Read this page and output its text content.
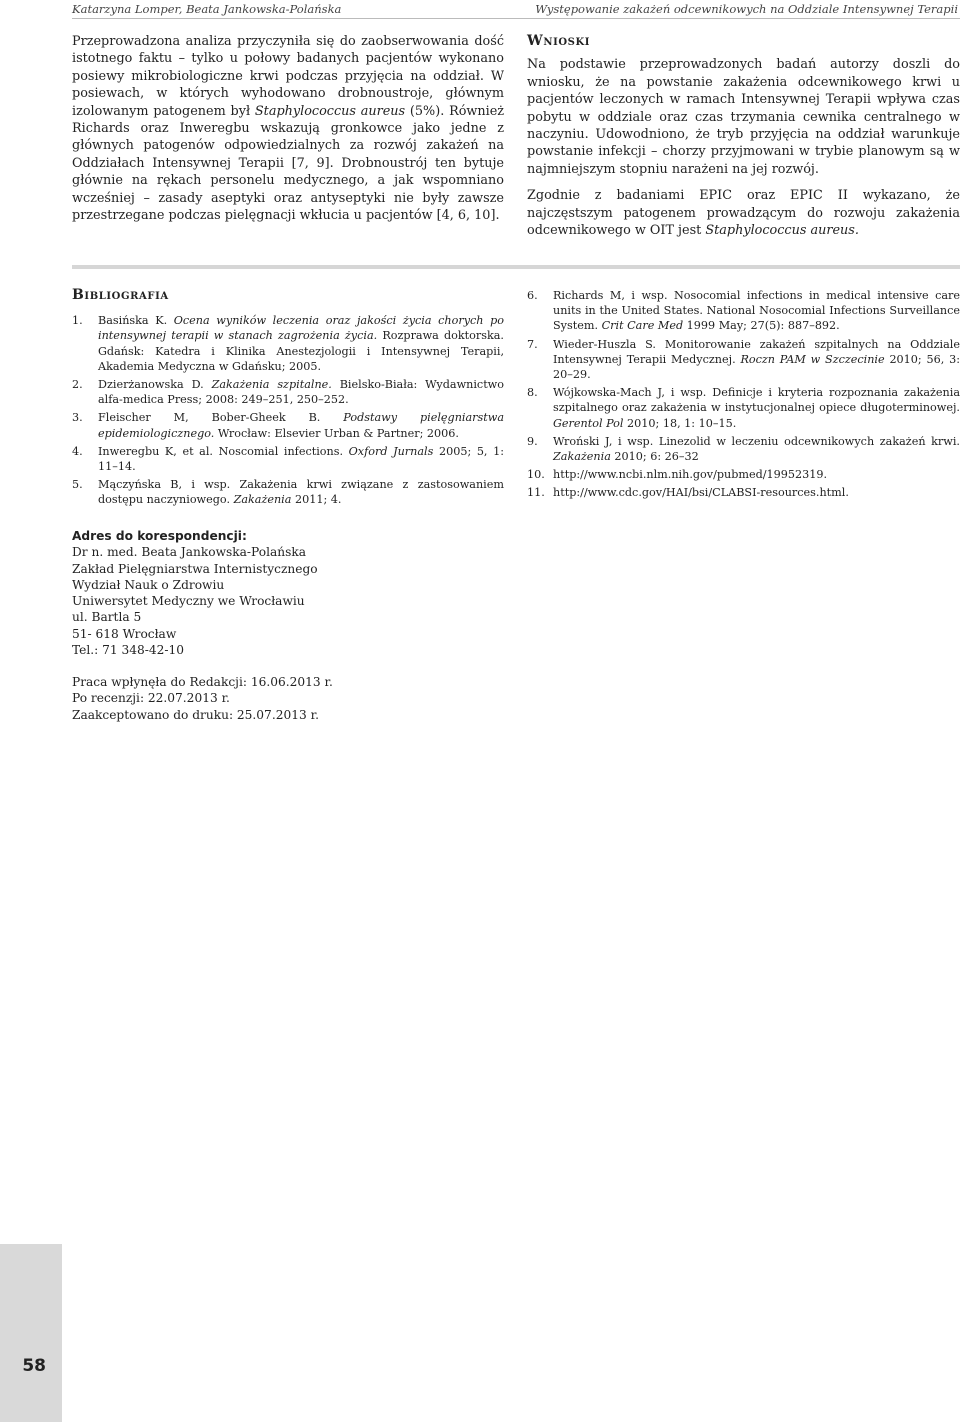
Katarzyna Lomper, Beata Jankowska-Polańska	Występowanie zakażeń odcewnikowych na Oddziale Intensywnej Terapii

Przeprowadzona analiza przyczyniła się do zaobserwowania dość istotnego faktu – tylko u połowy badanych pacjentów wykonano posiewy mikrobiologiczne krwi podczas przyjęcia na oddział. W posiewach, w których wyhodowano drobnoustroje, głównym izolowanym patogenem był Staphylococcus aureus (5%). Również Richards oraz Inweregbu wskazują gronkowce jako jedne z głównych patogenów odpowiedzialnych za rozwój zakażeń na Oddziałach Intensywnej Terapii [7, 9]. Drobnoustrój ten bytuje głównie na rękach personelu medycznego, a jak wspomniano wcześniej – zasady aseptyki oraz antyseptyki nie były zawsze przestrzegane podczas pielęgnacji wkłucia u pacjentów [4, 6, 10].

Wnioski

Na podstawie przeprowadzonych badań autorzy doszli do wniosku, że na powstanie zakażenia odcewnikowego krwi u pacjentów leczonych w ramach Intensywnej Terapii wpływa czas pobytu w oddziale oraz czas trzymania cewnika centralnego w naczyniu. Udowodniono, że tryb przyjęcia na oddział warunkuje powstanie infekcji – chorzy przyjmowani w trybie planowym są w najmniejszym stopniu narażeni na jej rozwój.

Zgodnie z badaniami EPIC oraz EPIC II wykazano, że najczęstszym patogenem prowadzącym do rozwoju zakażenia odcewnikowego w OIT jest Staphylococcus aureus.

Bibliografia
1.	Basińska K. Ocena wyników leczenia oraz jakości życia chorych po intensywnej terapii w stanach zagrożenia życia. Rozprawa doktorska. Gdańsk: Katedra i Klinika Anestezjologii i Intensywnej Terapii, Akademia Medyczna w Gdańsku; 2005.
2.	Dzierżanowska D. Zakażenia szpitalne. Bielsko-Biała: Wydawnictwo alfa-medica Press; 2008: 249–251, 250–252.
3.	Fleischer M, Bober-Gheek B. Podstawy pielęgniarstwa epidemiologicznego. Wrocław: Elsevier Urban & Partner; 2006.
4.	Inweregbu K, et al. Noscomial infections. Oxford Jurnals 2005; 5, 1: 11–14.
5.	Mączyńska B, i wsp. Zakażenia krwi związane z zastosowaniem dostępu naczyniowego. Zakażenia 2011; 4.
6.	Richards M, i wsp. Nosocomial infections in medical intensive care units in the United States. National Nosocomial Infections Surveillance System. Crit Care Med 1999 May; 27(5): 887–892.
7.	Wieder-Huszla S. Monitorowanie zakażeń szpitalnych na Oddziale Intensywnej Terapii Medycznej. Roczn PAM w Szczecinie 2010; 56, 3: 20–29.
8.	Wójkowska-Mach J, i wsp. Definicje i kryteria rozpoznania zakażenia szpitalnego oraz zakażenia w instytucjonalnej opiece długoterminowej. Gerentol Pol 2010; 18, 1: 10–15.
9.	Wroński J, i wsp. Linezolid w leczeniu odcewnikowych zakażeń krwi. Zakażenia 2010; 6: 26–32
10. http://www.ncbi.nlm.nih.gov/pubmed/19952319.
11. http://www.cdc.gov/HAI/bsi/CLABSI-resources.html.
Adres do korespondencji:
Dr n. med. Beata Jankowska-Polańska
Zakład Pielęgniarstwa Internistycznego
Wydział Nauk o Zdrowiu
Uniwersytet Medyczny we Wrocławiu
ul. Bartla 5
51- 618 Wrocław
Tel.: 71 348-42-10
Praca wpłynęła do Redakcji: 16.06.2013 r.
Po recenzji: 22.07.2013 r.
Zaakceptowano do druku: 25.07.2013 r.
58
